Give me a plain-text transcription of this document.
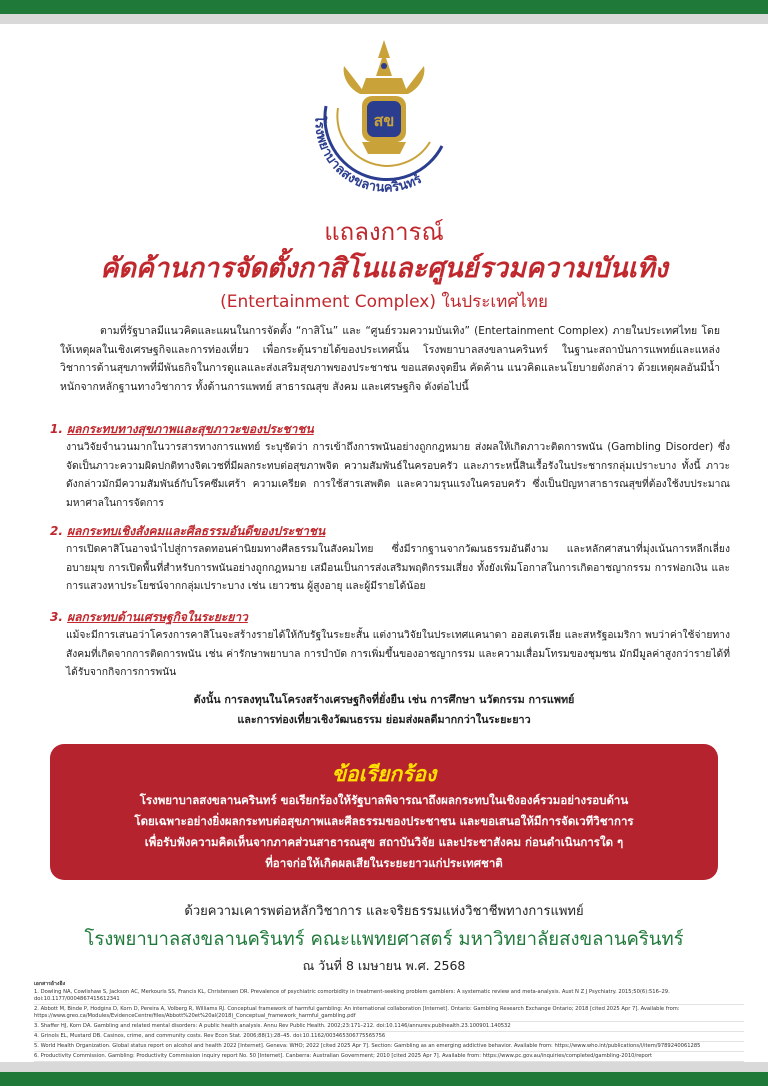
สข
โรงพยาบาลสงขลานครินทร์
แถลงการณ์
คัดค้านการจัดตั้งกาสิโนและศูนย์รวมความบันเทิง
(Entertainment Complex) ในประเทศไทย
ตามที่รัฐบาลมีแนวคิดและแผนในการจัดตั้ง “กาสิโน” และ “ศูนย์รวมความบันเทิง” (Entertainment Complex) ภายในประเทศไทย โดยให้เหตุผลในเชิงเศรษฐกิจและการท่องเที่ยว เพื่อกระตุ้นรายได้ของประเทศนั้น โรงพยาบาลสงขลานครินทร์ ในฐานะสถาบันการแพทย์และแหล่งวิชาการด้านสุขภาพที่มีพันธกิจในการดูแลและส่งเสริมสุขภาพของประชาชน ขอแสดงจุดยืน คัดค้าน แนวคิดและนโยบายดังกล่าว ด้วยเหตุผลอันมีน้ำหนักจากหลักฐานทางวิชาการ ทั้งด้านการแพทย์ สาธารณสุข สังคม และเศรษฐกิจ ดังต่อไปนี้
1. ผลกระทบทางสุขภาพและสุขภาวะของประชาชน
งานวิจัยจำนวนมากในวารสารทางการแพทย์ ระบุชัดว่า การเข้าถึงการพนันอย่างถูกกฎหมาย ส่งผลให้เกิดภาวะติดการพนัน (Gambling Disorder) ซึ่งจัดเป็นภาวะความผิดปกติทางจิตเวชที่มีผลกระทบต่อสุขภาพจิต ความสัมพันธ์ในครอบครัว และภาระหนี้สินเรื้อรังในประชากรกลุ่มเปราะบาง ทั้งนี้ ภาวะดังกล่าวมักมีความสัมพันธ์กับโรคซึมเศร้า ความเครียด การใช้สารเสพติด และความรุนแรงในครอบครัว ซึ่งเป็นปัญหาสาธารณสุขที่ต้องใช้งบประมาณมหาศาลในการจัดการ
2. ผลกระทบเชิงสังคมและศีลธรรมอันดีของประชาชน
การเปิดคาสิโนอาจนำไปสู่การลดทอนค่านิยมทางศีลธรรมในสังคมไทย ซึ่งมีรากฐานจากวัฒนธรรมอันดีงาม และหลักศาสนาที่มุ่งเน้นการหลีกเลี่ยงอบายมุข การเปิดพื้นที่สำหรับการพนันอย่างถูกกฎหมาย เสมือนเป็นการส่งเสริมพฤติกรรมเสี่ยง ทั้งยังเพิ่มโอกาสในการเกิดอาชญากรรม การฟอกเงิน และการแสวงหาประโยชน์จากกลุ่มเปราะบาง เช่น เยาวชน ผู้สูงอายุ และผู้มีรายได้น้อย
3. ผลกระทบด้านเศรษฐกิจในระยะยาว
แม้จะมีการเสนอว่าโครงการคาสิโนจะสร้างรายได้ให้กับรัฐในระยะสั้น แต่งานวิจัยในประเทศแคนาดา ออสเตรเลีย และสหรัฐอเมริกา พบว่าค่าใช้จ่ายทางสังคมที่เกิดจากการติดการพนัน เช่น ค่ารักษาพยาบาล การบำบัด การเพิ่มขึ้นของอาชญากรรม และความเสื่อมโทรมของชุมชน มักมีมูลค่าสูงกว่ารายได้ที่ได้รับจากกิจการการพนัน
ดังนั้น การลงทุนในโครงสร้างเศรษฐกิจที่ยั่งยืน เช่น การศึกษา นวัตกรรม การแพทย์
และการท่องเที่ยวเชิงวัฒนธรรม ย่อมส่งผลดีมากกว่าในระยะยาว
ข้อเรียกร้อง
โรงพยาบาลสงขลานครินทร์ ขอเรียกร้องให้รัฐบาลพิจารณาถึงผลกระทบในเชิงองค์รวมอย่างรอบด้าน
โดยเฉพาะอย่างยิ่งผลกระทบต่อสุขภาพและศีลธรรมของประชาชน และขอเสนอให้มีการจัดเวทีวิชาการ
เพื่อรับฟังความคิดเห็นจากภาคส่วนสาธารณสุข สถาบันวิจัย และประชาสังคม ก่อนดำเนินการใด ๆ
ที่อาจก่อให้เกิดผลเสียในระยะยาวแก่ประเทศชาติ
ด้วยความเคารพต่อหลักวิชาการ และจริยธรรมแห่งวิชาชีพทางการแพทย์
โรงพยาบาลสงขลานครินทร์ คณะแพทยศาสตร์ มหาวิทยาลัยสงขลานครินทร์
ณ วันที่ 8 เมษายน พ.ศ. 2568
เอกสารอ้างอิง
1. Dowling NA, Cowlishaw S, Jackson AC, Merkouris SS, Francis KL, Christensen DR. Prevalence of psychiatric comorbidity in treatment-seeking problem gamblers: A systematic review and meta-analysis. Aust N Z J Psychiatry. 2015;50(6):516–29. doi:10.1177/0004867415612341
2. Abbott M, Binde P, Hodgins D, Korn D, Pereira A, Volberg R, Williams RJ. Conceptual framework of harmful gambling: An international collaboration [Internet]. Ontario: Gambling Research Exchange Ontario; 2018 [cited 2025 Apr 7]. Available from: https://www.greo.ca/Modules/EvidenceCentre/files/Abbott%20et%20al(2018)_Conceptual_framework_harmful_gambling.pdf
3. Shaffer HJ, Korn DA. Gambling and related mental disorders: A public health analysis. Annu Rev Public Health. 2002;23:171–212. doi:10.1146/annurev.publhealth.23.100901.140532
4. Grinols EL, Mustard DB. Casinos, crime, and community costs. Rev Econ Stat. 2006;88(1):28–45. doi:10.1162/003465306775565756
5. World Health Organization. Global status report on alcohol and health 2022 [Internet]. Geneva: WHO; 2022 [cited 2025 Apr 7]. Section: Gambling as an emerging addictive behavior. Available from: https://www.who.int/publications/i/item/9789240061285
6. Productivity Commission. Gambling: Productivity Commission inquiry report No. 50 [Internet]. Canberra: Australian Government; 2010 [cited 2025 Apr 7]. Available from: https://www.pc.gov.au/inquiries/completed/gambling-2010/report
